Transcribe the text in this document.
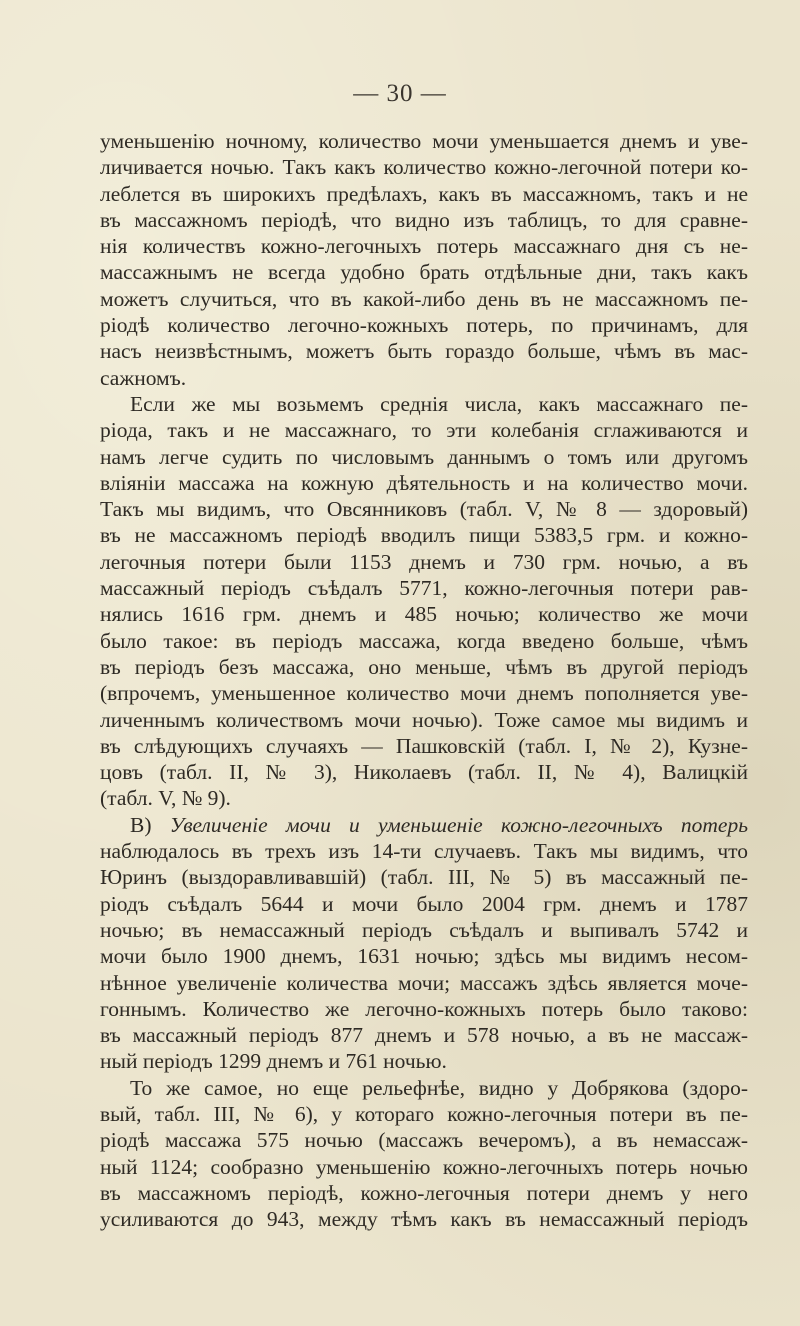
— 30 —
уменьшенію ночному, количество мочи уменьшается днемъ и уве-
личивается ночью. Такъ какъ количество кожно-легочной потери ко-
леблется въ широкихъ предѣлахъ, какъ въ массажномъ, такъ и не
въ массажномъ періодѣ, что видно изъ таблицъ, то для сравне-
нія количествъ кожно-легочныхъ потерь массажнаго дня съ не-
массажнымъ не всегда удобно брать отдѣльные дни, такъ какъ
можетъ случиться, что въ какой-либо день въ не массажномъ пе-
ріодѣ количество легочно-кожныхъ потерь, по причинамъ, для
насъ неизвѣстнымъ, можетъ быть гораздо больше, чѣмъ въ мас-
сажномъ.
Если же мы возьмемъ среднія числа, какъ массажнаго пе-
ріода, такъ и не массажнаго, то эти колебанія сглаживаются и
намъ легче судить по числовымъ даннымъ о томъ или другомъ
вліяніи массажа на кожную дѣятельность и на количество мочи.
Такъ мы видимъ, что Овсянниковъ (табл. V, № 8 — здоровый)
въ не массажномъ періодѣ вводилъ пищи 5383,5 грм. и кожно-
легочныя потери были 1153 днемъ и 730 грм. ночью, а въ
массажный періодъ съѣдалъ 5771, кожно-легочныя потери рав-
нялись 1616 грм. днемъ и 485 ночью; количество же мочи
было такое: въ періодъ массажа, когда введено больше, чѣмъ
въ періодъ безъ массажа, оно меньше, чѣмъ въ другой періодъ
(впрочемъ, уменьшенное количество мочи днемъ пополняется уве-
личеннымъ количествомъ мочи ночью). Тоже самое мы видимъ и
въ слѣдующихъ случаяхъ — Пашковскій (табл. I, № 2), Кузне-
цовъ (табл. II, № 3), Николаевъ (табл. II, № 4), Валицкій
(табл. V, № 9).
В) Увеличеніе мочи и уменьшеніе кожно-легочныхъ потерь
наблюдалось въ трехъ изъ 14-ти случаевъ. Такъ мы видимъ, что
Юринъ (выздоравливавшій) (табл. III, № 5) въ массажный пе-
ріодъ съѣдалъ 5644 и мочи было 2004 грм. днемъ и 1787
ночью; въ немассажный періодъ съѣдалъ и выпивалъ 5742 и
мочи было 1900 днемъ, 1631 ночью; здѣсь мы видимъ несом-
нѣнное увеличеніе количества мочи; массажъ здѣсь является моче-
гоннымъ. Количество же легочно-кожныхъ потерь было таково:
въ массажный періодъ 877 днемъ и 578 ночью, а въ не массаж-
ный періодъ 1299 днемъ и 761 ночью.
То же самое, но еще рельефнѣе, видно у Добрякова (здоро-
вый, табл. III, № 6), у котораго кожно-легочныя потери въ пе-
ріодѣ массажа 575 ночью (массажъ вечеромъ), а въ немассаж-
ный 1124; сообразно уменьшенію кожно-легочныхъ потерь ночью
въ массажномъ періодѣ, кожно-легочныя потери днемъ у него
усиливаются до 943, между тѣмъ какъ въ немассажный періодъ
